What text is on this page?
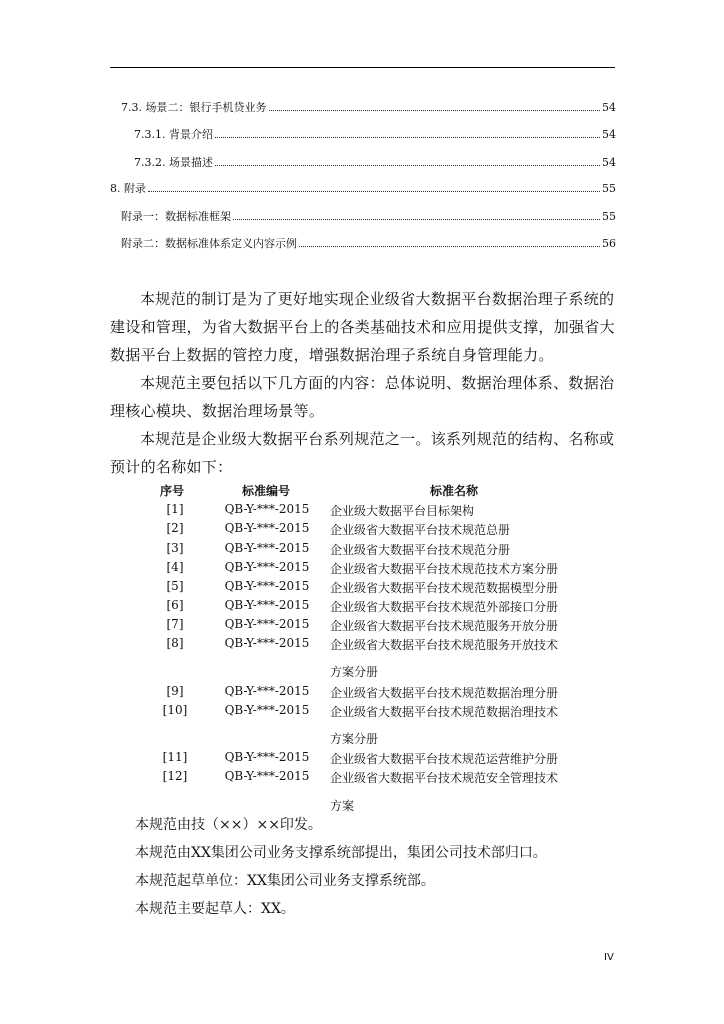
7.3. 场景二：银行手机贷业务	54
7.3.1. 背景介绍	54
7.3.2. 场景描述	54
8. 附录	55
附录一：数据标准框架	55
附录二：数据标准体系定义内容示例	56
本规范的制订是为了更好地实现企业级省大数据平台数据治理子系统的建设和管理，为省大数据平台上的各类基础技术和应用提供支撑，加强省大数据平台上数据的管控力度，增强数据治理子系统自身管理能力。
本规范主要包括以下几方面的内容：总体说明、数据治理体系、数据治理核心模块、数据治理场景等。
本规范是企业级大数据平台系列规范之一。该系列规范的结构、名称或预计的名称如下：
序号	标准编号	标准名称
[1]	QB-Y-***-2015 企业级大数据平台目标架构
[2]	QB-Y-***-2015 企业级省大数据平台技术规范总册
[3]	QB-Y-***-2015 企业级省大数据平台技术规范分册
[4]	QB-Y-***-2015 企业级省大数据平台技术规范技术方案分册
[5]	QB-Y-***-2015 企业级省大数据平台技术规范数据模型分册
[6]	QB-Y-***-2015 企业级省大数据平台技术规范外部接口分册
[7]	QB-Y-***-2015 企业级省大数据平台技术规范服务开放分册
[8]	QB-Y-***-2015 企业级省大数据平台技术规范服务开放技术
方案分册
[9]	QB-Y-***-2015 企业级省大数据平台技术规范数据治理分册
[10]	QB-Y-***-2015 企业级省大数据平台技术规范数据治理技术
方案分册
[11]	QB-Y-***-2015 企业级省大数据平台技术规范运营维护分册
[12]	QB-Y-***-2015 企业级省大数据平台技术规范安全管理技术
方案
本规范由技（××）××印发。
本规范由XX集团公司业务支撑系统部提出，集团公司技术部归口。
本规范起草单位：XX集团公司业务支撑系统部。
本规范主要起草人：XX。
IV
